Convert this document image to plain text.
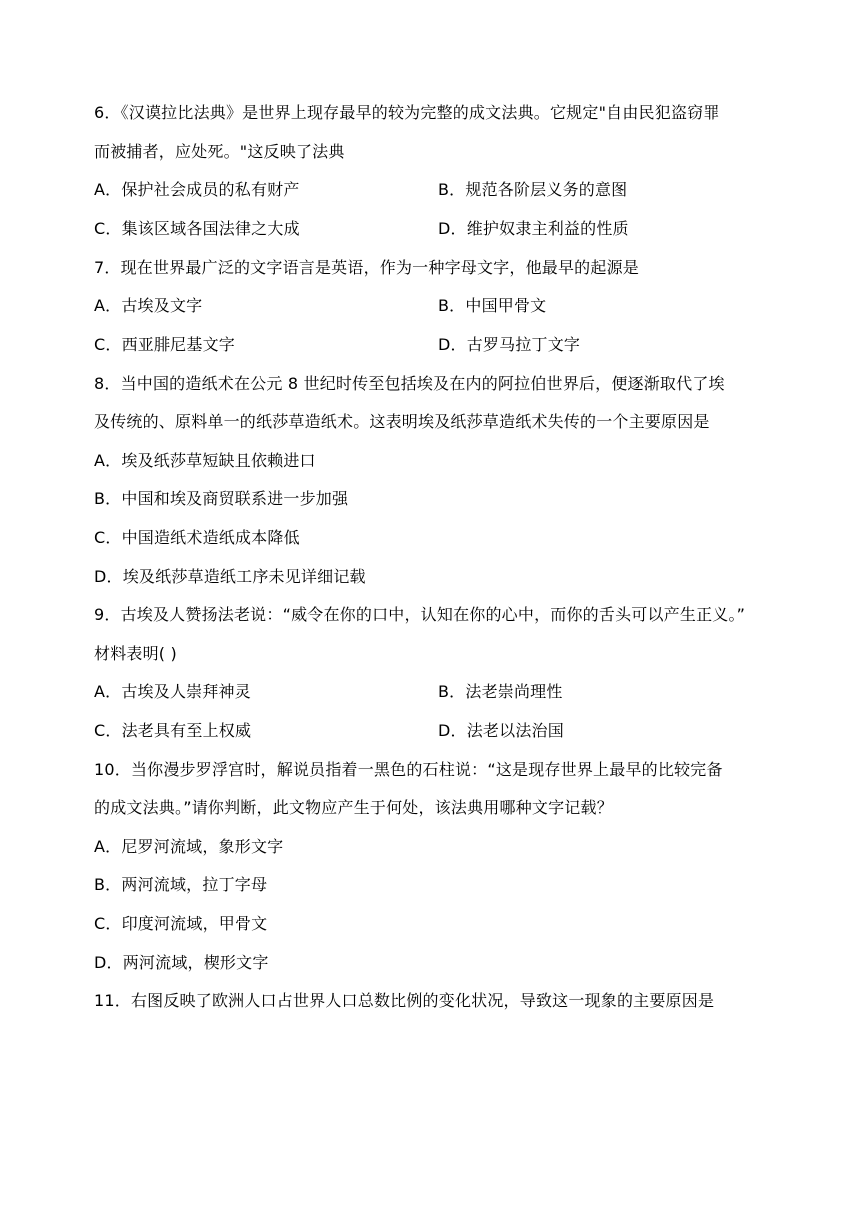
6．《汉谟拉比法典》是世界上现存最早的较为完整的成文法典。它规定"自由民犯盗窃罪
而被捕者，应处死。"这反映了法典
A．保护社会成员的私有财产	B．规范各阶层义务的意图
C．集该区域各国法律之大成	D．维护奴隶主利益的性质
7．现在世界最广泛的文字语言是英语，作为一种字母文字，他最早的起源是
A．古埃及文字	B．中国甲骨文
C．西亚腓尼基文字	D．古罗马拉丁文字
8．当中国的造纸术在公元 8 世纪时传至包括埃及在内的阿拉伯世界后，便逐渐取代了埃
及传统的、原料单一的纸莎草造纸术。这表明埃及纸莎草造纸术失传的一个主要原因是
A．埃及纸莎草短缺且依赖进口
B．中国和埃及商贸联系进一步加强
C．中国造纸术造纸成本降低
D．埃及纸莎草造纸工序未见详细记载
9．古埃及人赞扬法老说：“威令在你的口中，认知在你的心中，而你的舌头可以产生正义。”
材料表明( )
A．古埃及人崇拜神灵	B．法老崇尚理性
C．法老具有至上权威	D．法老以法治国
10．当你漫步罗浮宫时，解说员指着一黑色的石柱说：“这是现存世界上最早的比较完备
的成文法典。”请你判断，此文物应产生于何处，该法典用哪种文字记载？
A．尼罗河流域，象形文字
B．两河流域，拉丁字母
C．印度河流域，甲骨文
D．两河流域，楔形文字
11．右图反映了欧洲人口占世界人口总数比例的变化状况，导致这一现象的主要原因是
